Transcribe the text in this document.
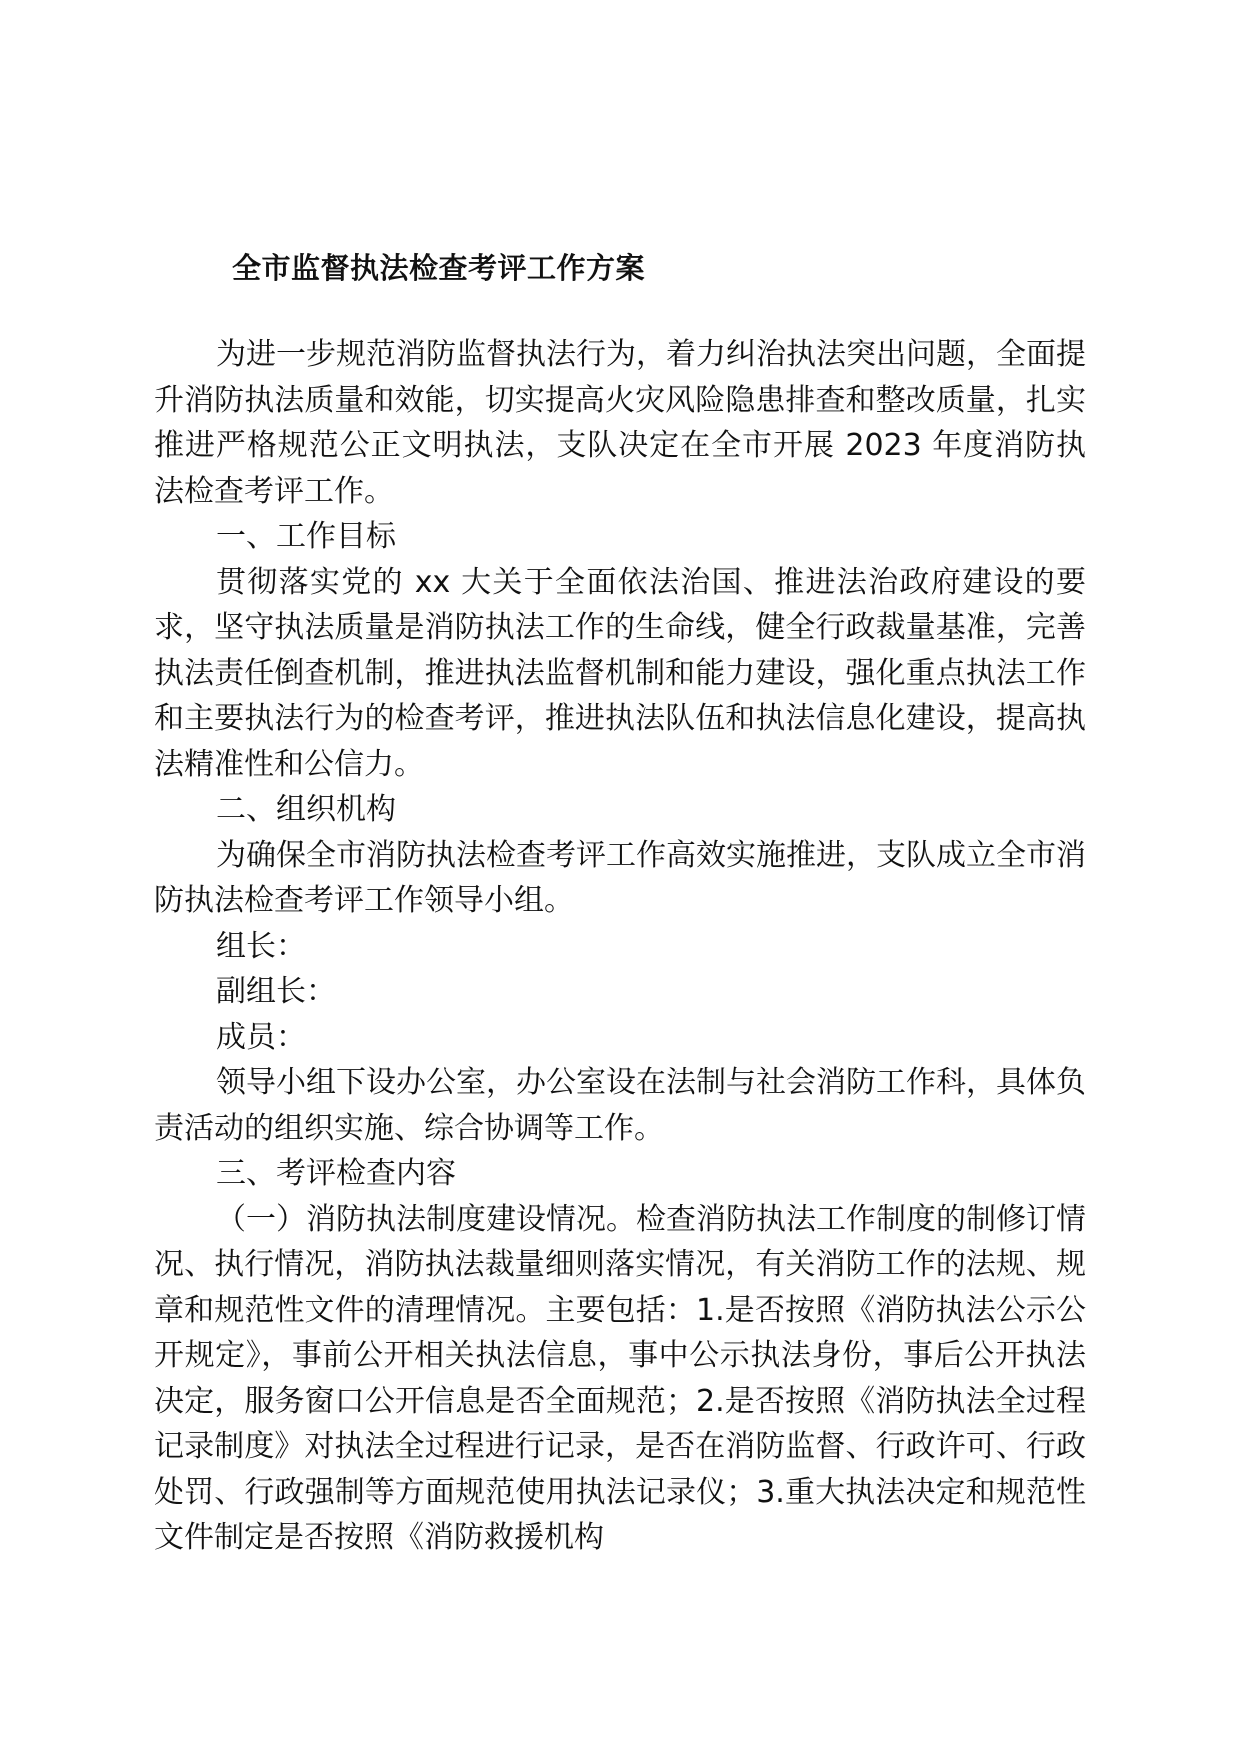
全市监督执法检查考评工作方案

为进一步规范消防监督执法行为，着力纠治执法突出问题，全面提升消防执法质量和效能，切实提高火灾风险隐患排查和整改质量，扎实推进严格规范公正文明执法，支队决定在全市开展 2023 年度消防执法检查考评工作。

一、工作目标

贯彻落实党的 xx 大关于全面依法治国、推进法治政府建设的要求，坚守执法质量是消防执法工作的生命线，健全行政裁量基准，完善执法责任倒查机制，推进执法监督机制和能力建设，强化重点执法工作和主要执法行为的检查考评，推进执法队伍和执法信息化建设，提高执法精准性和公信力。

二、组织机构

为确保全市消防执法检查考评工作高效实施推进，支队成立全市消防执法检查考评工作领导小组。

组长：

副组长：

成员：

领导小组下设办公室，办公室设在法制与社会消防工作科，具体负责活动的组织实施、综合协调等工作。

三、考评检查内容

（一）消防执法制度建设情况。检查消防执法工作制度的制修订情况、执行情况，消防执法裁量细则落实情况，有关消防工作的法规、规章和规范性文件的清理情况。主要包括：1.是否按照《消防执法公示公开规定》，事前公开相关执法信息，事中公示执法身份，事后公开执法决定，服务窗口公开信息是否全面规范；2.是否按照《消防执法全过程记录制度》对执法全过程进行记录，是否在消防监督、行政许可、行政处罚、行政强制等方面规范使用执法记录仪；3.重大执法决定和规范性文件制定是否按照《消防救援机构
